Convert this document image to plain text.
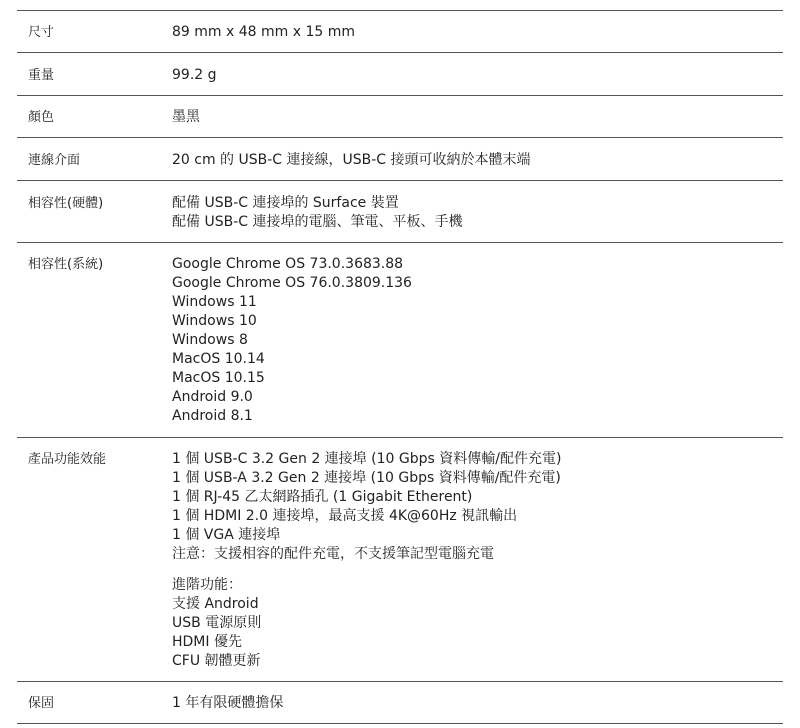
尺寸	89 mm x 48 mm x 15 mm
重量	99.2 g
顏色	墨黑
連線介面	20 cm 的 USB-C 連接線，USB-C 接頭可收納於本體末端
相容性(硬體)	配備 USB-C 連接埠的 Surface 裝置
配備 USB-C 連接埠的電腦、筆電、平板、手機
相容性(系統)	Google Chrome OS 73.0.3683.88
Google Chrome OS 76.0.3809.136
Windows 11
Windows 10
Windows 8
MacOS 10.14
MacOS 10.15
Android 9.0
Android 8.1
產品功能效能	1 個 USB-C 3.2 Gen 2 連接埠 (10 Gbps 資料傳輸/配件充電)
1 個 USB-A 3.2 Gen 2 連接埠 (10 Gbps 資料傳輸/配件充電)
1 個 RJ-45 乙太網路插孔 (1 Gigabit Etherent)
1 個 HDMI 2.0 連接埠，最高支援 4K@60Hz 視訊輸出
1 個 VGA 連接埠
注意：支援相容的配件充電，不支援筆記型電腦充電
進階功能：
支援 Android
USB 電源原則
HDMI 優先
CFU 韌體更新
保固	1 年有限硬體擔保
